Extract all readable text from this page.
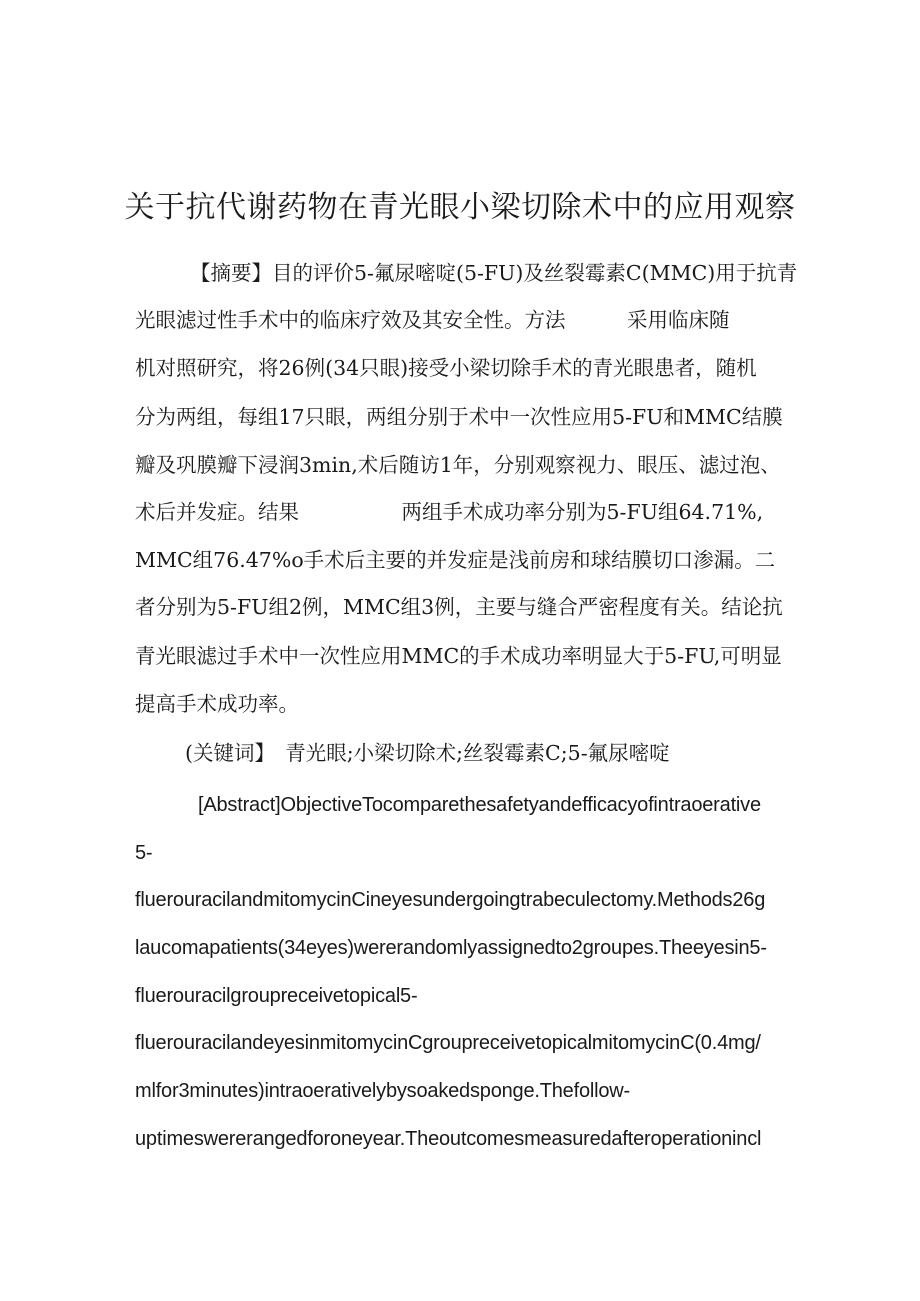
关于抗代谢药物在青光眼小梁切除术中的应用观察
【摘要】目的评价5-氟尿嘧啶(5-FU)及丝裂霉素C(MMC)用于抗青
光眼滤过性手术中的临床疗效及其安全性。方法　　　采用临床随
机对照研究，将26例(34只眼)接受小梁切除手术的青光眼患者，随机
分为两组，每组17只眼，两组分别于术中一次性应用5-FU和MMC结膜
瓣及巩膜瓣下浸润3min,术后随访1年，分别观察视力、眼压、滤过泡、
术后并发症。结果　　　　　两组手术成功率分别为5-FU组64.71%,
MMC组76.47%o手术后主要的并发症是浅前房和球结膜切口渗漏。二
者分别为5-FU组2例，MMC组3例，主要与缝合严密程度有关。结论抗
青光眼滤过手术中一次性应用MMC的手术成功率明显大于5-FU,可明显
提高手术成功率。
(关键词】　青光眼;小梁切除术;丝裂霉素C;5-氟尿嘧啶
[Abstract]ObjectiveTocomparethesafetyandefficacyofintraoerative
5-
fluerouracilandmitomycinCineyesundergoingtrabeculectomy.Methods26g
laucomapatients(34eyes)wererandomlyassignedto2groupes.Theeyesin5-
fluerouracilgroupreceivetopical5-
fluerouracilandeyesinmitomycinCgroupreceivetopicalmitomycinC(0.4mg/
mlfor3minutes)intraoerativelybysoakedsponge.Thefollow-
uptimeswererangedforoneyear.Theoutcomesmeasuredafteroperationincl
